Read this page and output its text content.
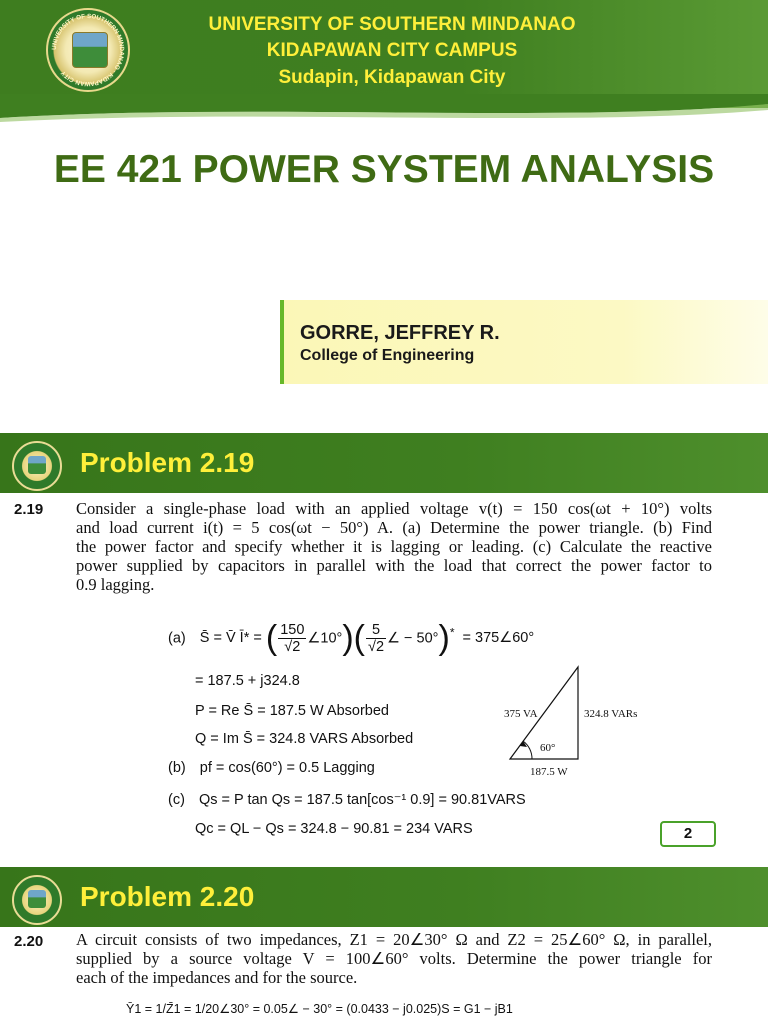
UNIVERSITY OF SOUTHERN MINDANAO · KIDAPAWAN CITY
UNIVERSITY OF SOUTHERN MINDANAO
KIDAPAWAN CITY CAMPUS
Sudapin, Kidapawan City
EE 421 POWER SYSTEM ANALYSIS
GORRE, JEFFREY R.
College of Engineering
Problem 2.19
2.19 Consider a single-phase load with an applied voltage v(t) = 150 cos(ωt + 10°) volts
and load current i(t) = 5 cos(ωt − 50°) A. (a) Determine the power triangle. (b) Find
the power factor and specify whether it is lagging or leading. (c) Calculate the reactive
power supplied by capacitors in parallel with the load that correct the power factor to
0.9 lagging.
(a) S̄ = V̄ Ī* = ( $\frac{150}{√2}$ ∠10°)( $\frac{5}{√2}$ ∠ − 50°)* = 375∠60°
= 187.5 + j324.8
P = Re S̄ = 187.5 W Absorbed
Q = Im S̄ = 324.8 VARS Absorbed
(b) pf = cos(60°) = 0.5 Lagging
(c) Qs = P tan Qs = 187.5 tan[cos⁻¹ 0.9] = 90.81VARS
Qc = QL − Qs = 324.8 − 90.81 = 234 VARS
375 VA	324.8 VARs
187.5 W
60°
2
Problem 2.20
2.20 A circuit consists of two impedances, Z1 = 20∠30° Ω and Z2 = 25∠60° Ω, in parallel,
supplied by a source voltage V = 100∠60° volts. Determine the power triangle for
each of the impedances and for the source.
Ȳ1 = 1/Z̄1 = 1/20∠30° = 0.05∠ − 30° = (0.0433 − j0.025)S = G1 − jB1
